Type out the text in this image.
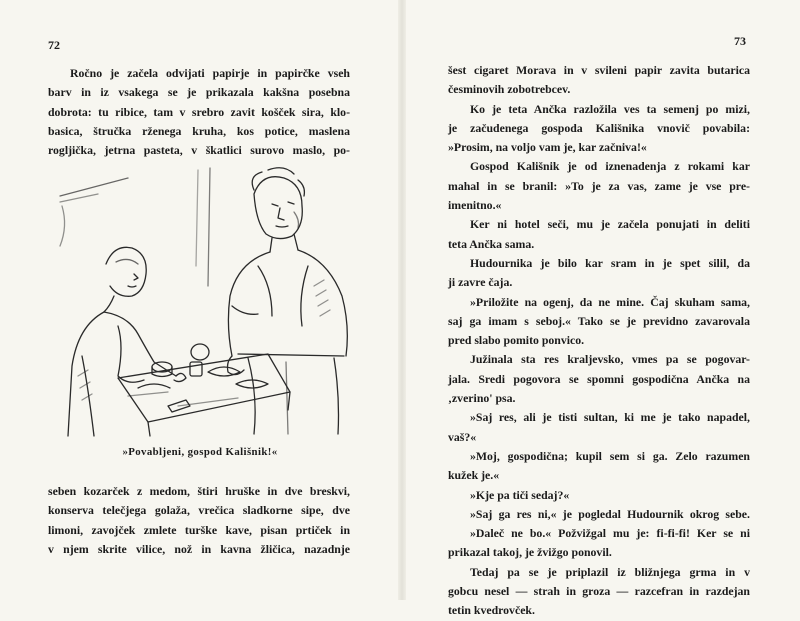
72
Ročno je začela odvijati papirje in papirčke vseh
barv in iz vsakega se je prikazala kakšna posebna
dobrota: tu ribice, tam v srebro zavit košček sira, klo-
basica, štručka rženega kruha, kos potice, maslena
rogljička, jetrna pasteta, v škatlici surovo maslo, po-
»Povabljeni, gospod Kališnik!«
seben kozarček z medom, štiri hruške in dve breskvi,
konserva telečjega golaža, vrečica sladkorne sipe, dve
limoni, zavojček zmlete turške kave, pisan prtiček in
v njem skrite vilice, nož in kavna žličica, nazadnje
73
šest cigaret Morava in v svileni papir zavita butarica
česminovih zobotrebcev.
Ko je teta Ančka razložila ves ta semenj po mizi,
je začudenega gospoda Kališnika vnovič povabila:
»Prosim, na voljo vam je, kar začniva!«
Gospod Kališnik je od iznenadenja z rokami kar
mahal in se branil: »To je za vas, zame je vse pre-
imenitno.«
Ker ni hotel seči, mu je začela ponujati in deliti
teta Ančka sama.
Hudournika je bilo kar sram in je spet silil, da
ji zavre čaja.
»Priložite na ogenj, da ne mine. Čaj skuham sama,
saj ga imam s seboj.« Tako se je previdno zavarovala
pred slabo pomito ponvico.
Južinala sta res kraljevsko, vmes pa se pogovar-
jala. Sredi pogovora se spomni gospodična Ančka na
‚zverino' psa.
»Saj res, ali je tisti sultan, ki me je tako napadel,
vaš?«
»Moj, gospodična; kupil sem si ga. Zelo razumen
kužek je.«
»Kje pa tiči sedaj?«
»Saj ga res ni,« je pogledal Hudournik okrog sebe.
»Daleč ne bo.« Požvižgal mu je: fi-fi-fi! Ker se ni
prikazal takoj, je žvižgo ponovil.
Tedaj pa se je priplazil iz bližnjega grma in v
gobcu nesel — strah in groza — razcefran in razdejan
tetin kvedrovček.
